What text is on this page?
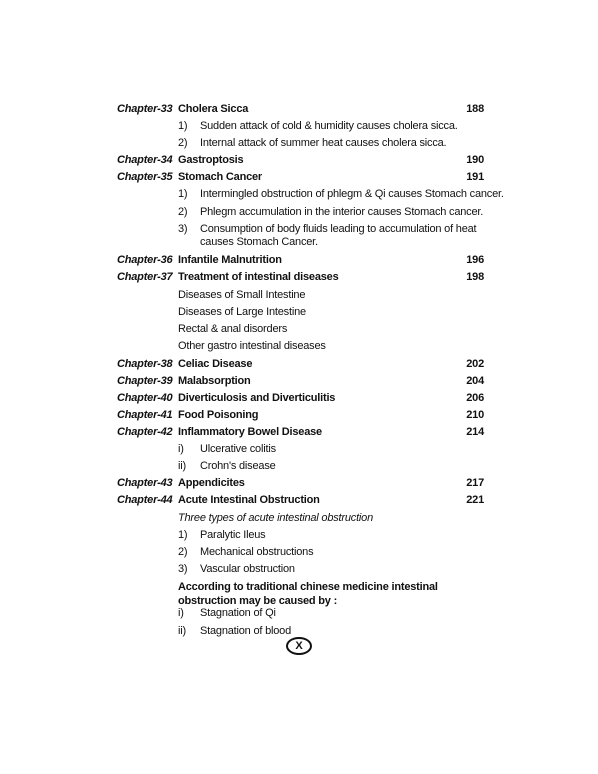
Chapter-33 Cholera Sicca	188
1) Sudden attack of cold & humidity causes cholera sicca.
2) Internal attack of summer heat causes cholera sicca.
Chapter-34 Gastroptosis	190
Chapter-35 Stomach Cancer	191
1) Intermingled obstruction of phlegm & Qi causes Stomach cancer.
2) Phlegm accumulation in the interior causes Stomach cancer.
3) Consumption of body fluids leading to accumulation of heat causes Stomach Cancer.
Chapter-36 Infantile Malnutrition	196
Chapter-37 Treatment of intestinal diseases	198
Diseases of Small Intestine
Diseases of Large Intestine
Rectal & anal disorders
Other gastro intestinal diseases
Chapter-38 Celiac Disease	202
Chapter-39 Malabsorption	204
Chapter-40 Diverticulosis and Diverticulitis	206
Chapter-41 Food Poisoning	210
Chapter-42 Inflammatory Bowel Disease	214
i) Ulcerative colitis
ii) Crohn's disease
Chapter-43 Appendicites	217
Chapter-44 Acute Intestinal Obstruction	221
Three types of acute intestinal obstruction
1) Paralytic Ileus
2) Mechanical obstructions
3) Vascular obstruction
According to traditional chinese medicine intestinal obstruction may be caused by :
i) Stagnation of Qi
ii) Stagnation of blood
X
